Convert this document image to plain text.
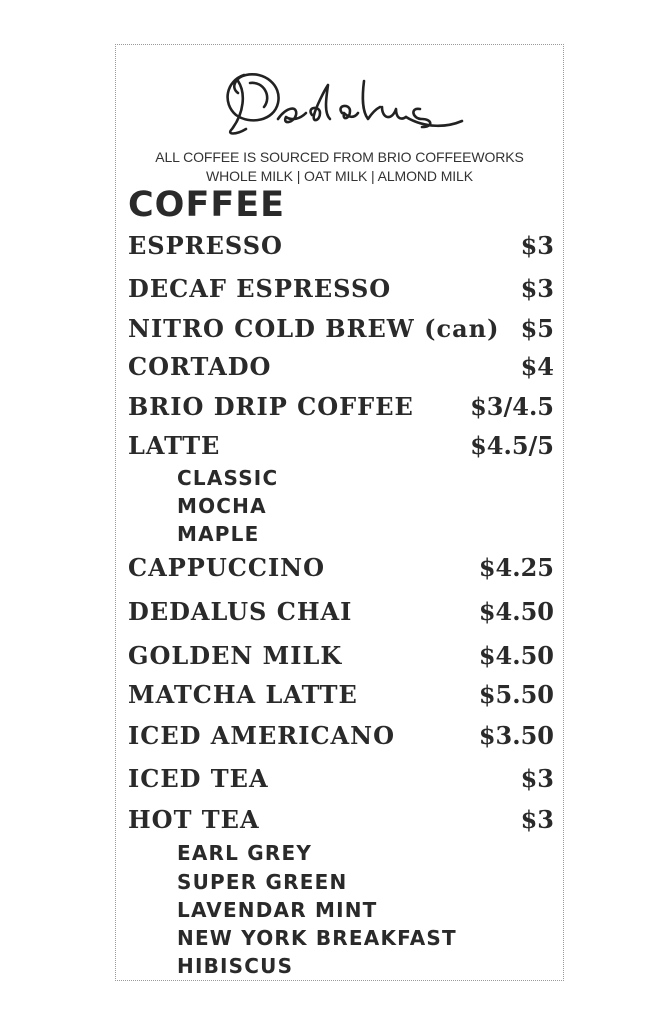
ALL COFFEE IS SOURCED FROM BRIO COFFEEWORKS
WHOLE MILK | OAT MILK | ALMOND MILK
COFFEE
ESPRESSO	$3
DECAF ESPRESSO	$3
NITRO COLD BREW (can) $5
CORTADO	$4
BRIO DRIP COFFEE $3/4.5
LATTE	$4.5/5
CLASSIC
MOCHA
MAPLE
CAPPUCCINO	$4.25
DEDALUS CHAI	$4.50
GOLDEN MILK	$4.50
MATCHA LATTE	$5.50
ICED AMERICANO	$3.50
ICED TEA	$3
HOT TEA	$3
EARL GREY
SUPER GREEN
LAVENDAR MINT
NEW YORK BREAKFAST
HIBISCUS
